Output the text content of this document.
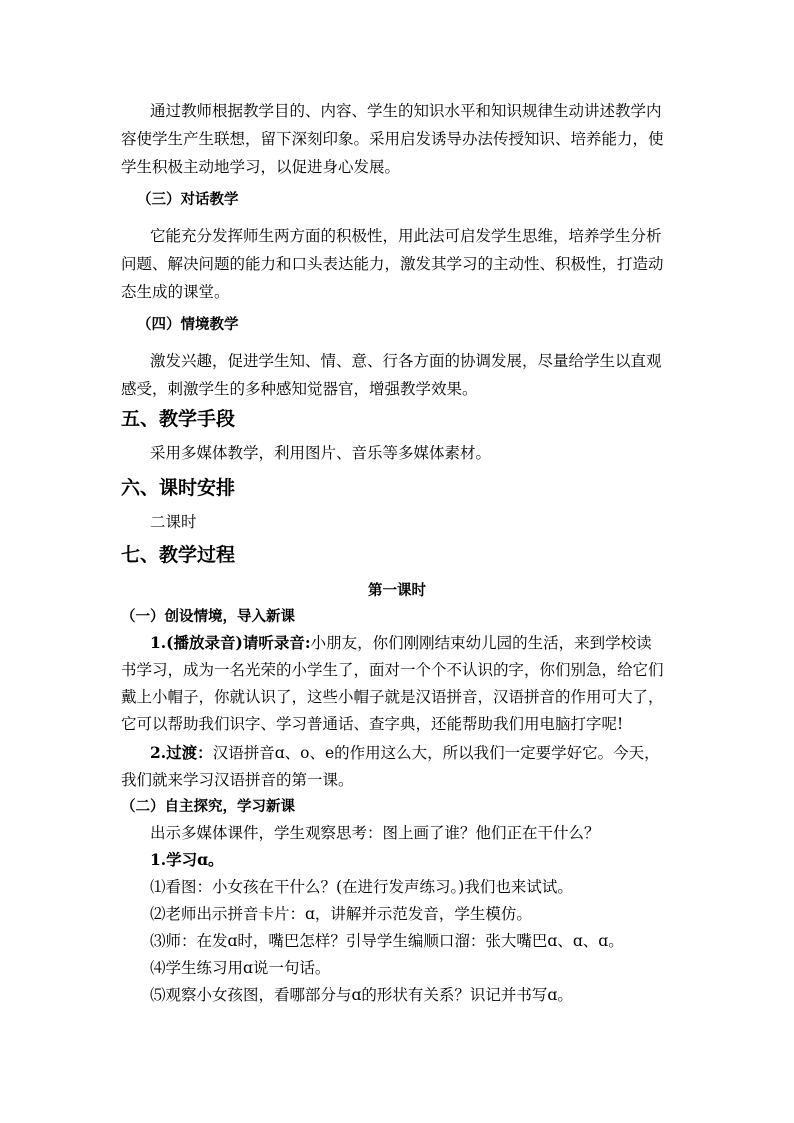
通过教师根据教学目的、内容、学生的知识水平和知识规律生动讲述教学内
容使学生产生联想，留下深刻印象。采用启发诱导办法传授知识、培养能力，使
学生积极主动地学习，以促进身心发展。
（三）对话教学
它能充分发挥师生两方面的积极性，用此法可启发学生思维，培养学生分析
问题、解决问题的能力和口头表达能力，激发其学习的主动性、积极性，打造动
态生成的课堂。
（四）情境教学
激发兴趣，促进学生知、情、意、行各方面的协调发展，尽量给学生以直观
感受，刺激学生的多种感知觉器官，增强教学效果。
五、教学手段
采用多媒体教学，利用图片、音乐等多媒体素材。
六、课时安排
二课时
七、教学过程
第一课时
（一）创设情境，导入新课
1.(播放录音)请听录音:小朋友，你们刚刚结束幼儿园的生活，来到学校读
书学习，成为一名光荣的小学生了，面对一个个不认识的字，你们别急，给它们
戴上小帽子，你就认识了，这些小帽子就是汉语拼音，汉语拼音的作用可大了，
它可以帮助我们识字、学习普通话、查字典，还能帮助我们用电脑打字呢!
2.过渡：汉语拼音ɑ、o、e的作用这么大，所以我们一定要学好它。今天，
我们就来学习汉语拼音的第一课。
（二）自主探究，学习新课
出示多媒体课件，学生观察思考：图上画了谁？他们正在干什么？
1.学习ɑ。
⑴看图：小女孩在干什么？(在进行发声练习。)我们也来试试。
⑵老师出示拼音卡片：ɑ，讲解并示范发音，学生模仿。
⑶师：在发ɑ时，嘴巴怎样？引导学生编顺口溜：张大嘴巴ɑ、ɑ、ɑ。
⑷学生练习用ɑ说一句话。
⑸观察小女孩图，看哪部分与ɑ的形状有关系？识记并书写ɑ。
